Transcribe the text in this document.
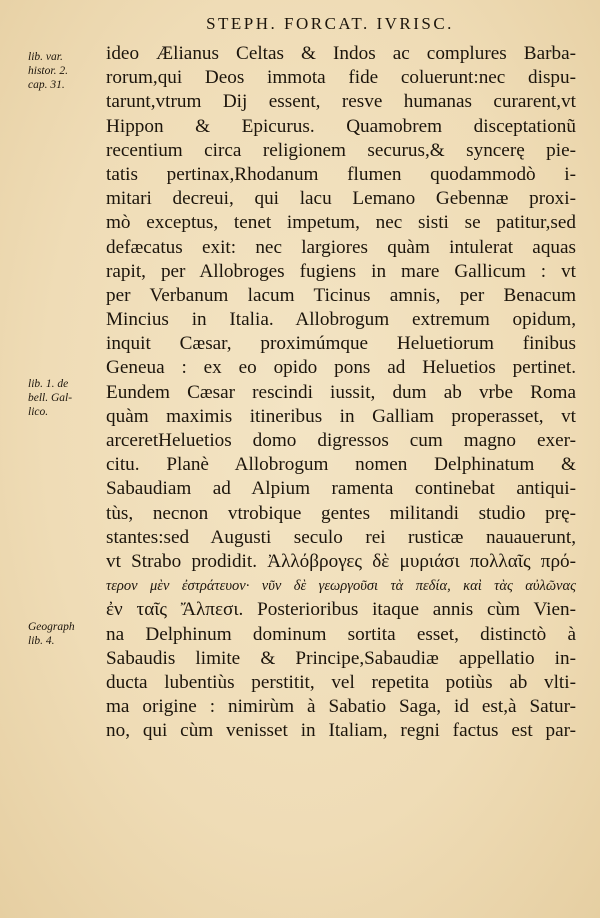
STEPH. FORCAT. IVRISC.
lib. var.
histor. 2.
cap. 31.
lib. 1. de
bell. Gal-
lico.
Geograph
lib. 4.
ideo Ælianus Celtas & Indos ac complures Barba-
rorum,qui Deos immota fide coluerunt:nec dispu-
tarunt,vtrum Dij essent, resve humanas curarent,vt
Hippon & Epicurus. Quamobrem disceptationũ
recentium circa religionem securus,& syncerę pie-
tatis pertinax,Rhodanum flumen quodammodò i-
mitari decreui, qui lacu Lemano Gebennæ proxi-
mò exceptus, tenet impetum, nec sisti se patitur,sed
defæcatus exit: nec largiores quàm intulerat aquas
rapit, per Allobroges fugiens in mare Gallicum : vt
per Verbanum lacum Ticinus amnis, per Benacum
Mincius in Italia. Allobrogum extremum opidum,
inquit Cæsar, proximúmque Heluetiorum finibus
Geneua : ex eo opido pons ad Heluetios pertinet.
Eundem Cæsar rescindi iussit, dum ab vrbe Roma
quàm maximis itineribus in Galliam properasset, vt
arceretHeluetios domo digressos cum magno exer-
citu. Planè Allobrogum nomen Delphinatum &
Sabaudiam ad Alpium ramenta continebat antiqui-
tùs, necnon vtrobique gentes militandi studio prę-
stantes:sed Augusti seculo rei rusticæ nauauerunt,
vt Strabo prodidit. Ἀλλόβρογες δὲ μυριάσι πολλαῖς πρό-
τερον μὲν ἐστράτευον· νῦν δὲ γεωργοῦσι τὰ πεδία, καὶ τὰς αὐλῶνας
ἐν ταῖς Ἄλπεσι. Posterioribus itaque annis cùm Vien-
na Delphinum dominum sortita esset, distinctò à
Sabaudis limite & Principe,Sabaudiæ appellatio in-
ducta lubentiùs perstitit, vel repetita potiùs ab vlti-
ma origine : nimirùm à Sabatio Saga, id est,à Satur-
no, qui cùm venisset in Italiam, regni factus est par-
